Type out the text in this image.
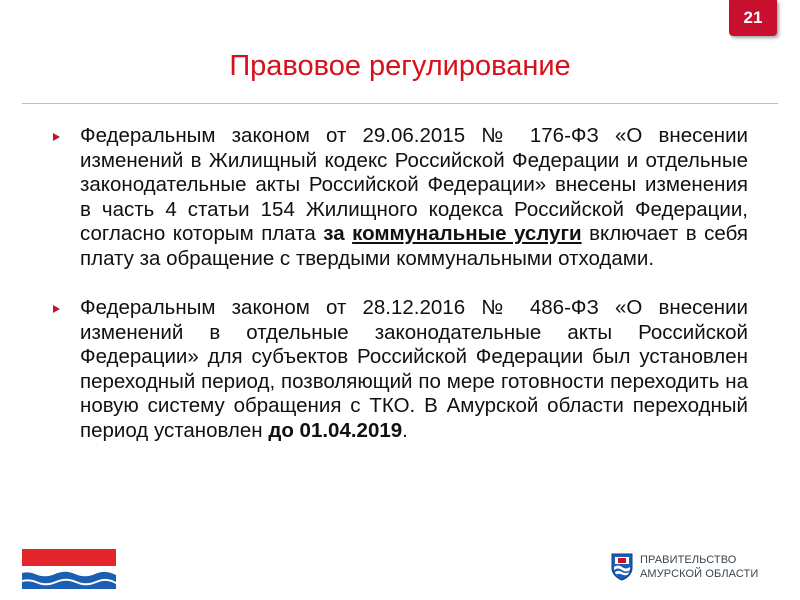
21
Правовое регулирование

Федеральным законом от 29.06.2015 № 176-ФЗ «О внесении изменений в Жилищный кодекс Российской Федерации и отдельные законодательные акты Российской Федерации» внесены изменения в часть 4 статьи 154 Жилищного кодекса Российской Федерации, согласно которым плата за коммунальные услуги включает в себя плату за обращение с твердыми коммунальными отходами.

Федеральным законом от 28.12.2016 № 486-ФЗ «О внесении изменений в отдельные законодательные акты Российской Федерации» для субъектов Российской Федерации был установлен переходный период, позволяющий по мере готовности переходить на новую систему обращения с ТКО. В Амурской области переходный период установлен до 01.04.2019.

ПРАВИТЕЛЬСТВО
АМУРСКОЙ ОБЛАСТИ
